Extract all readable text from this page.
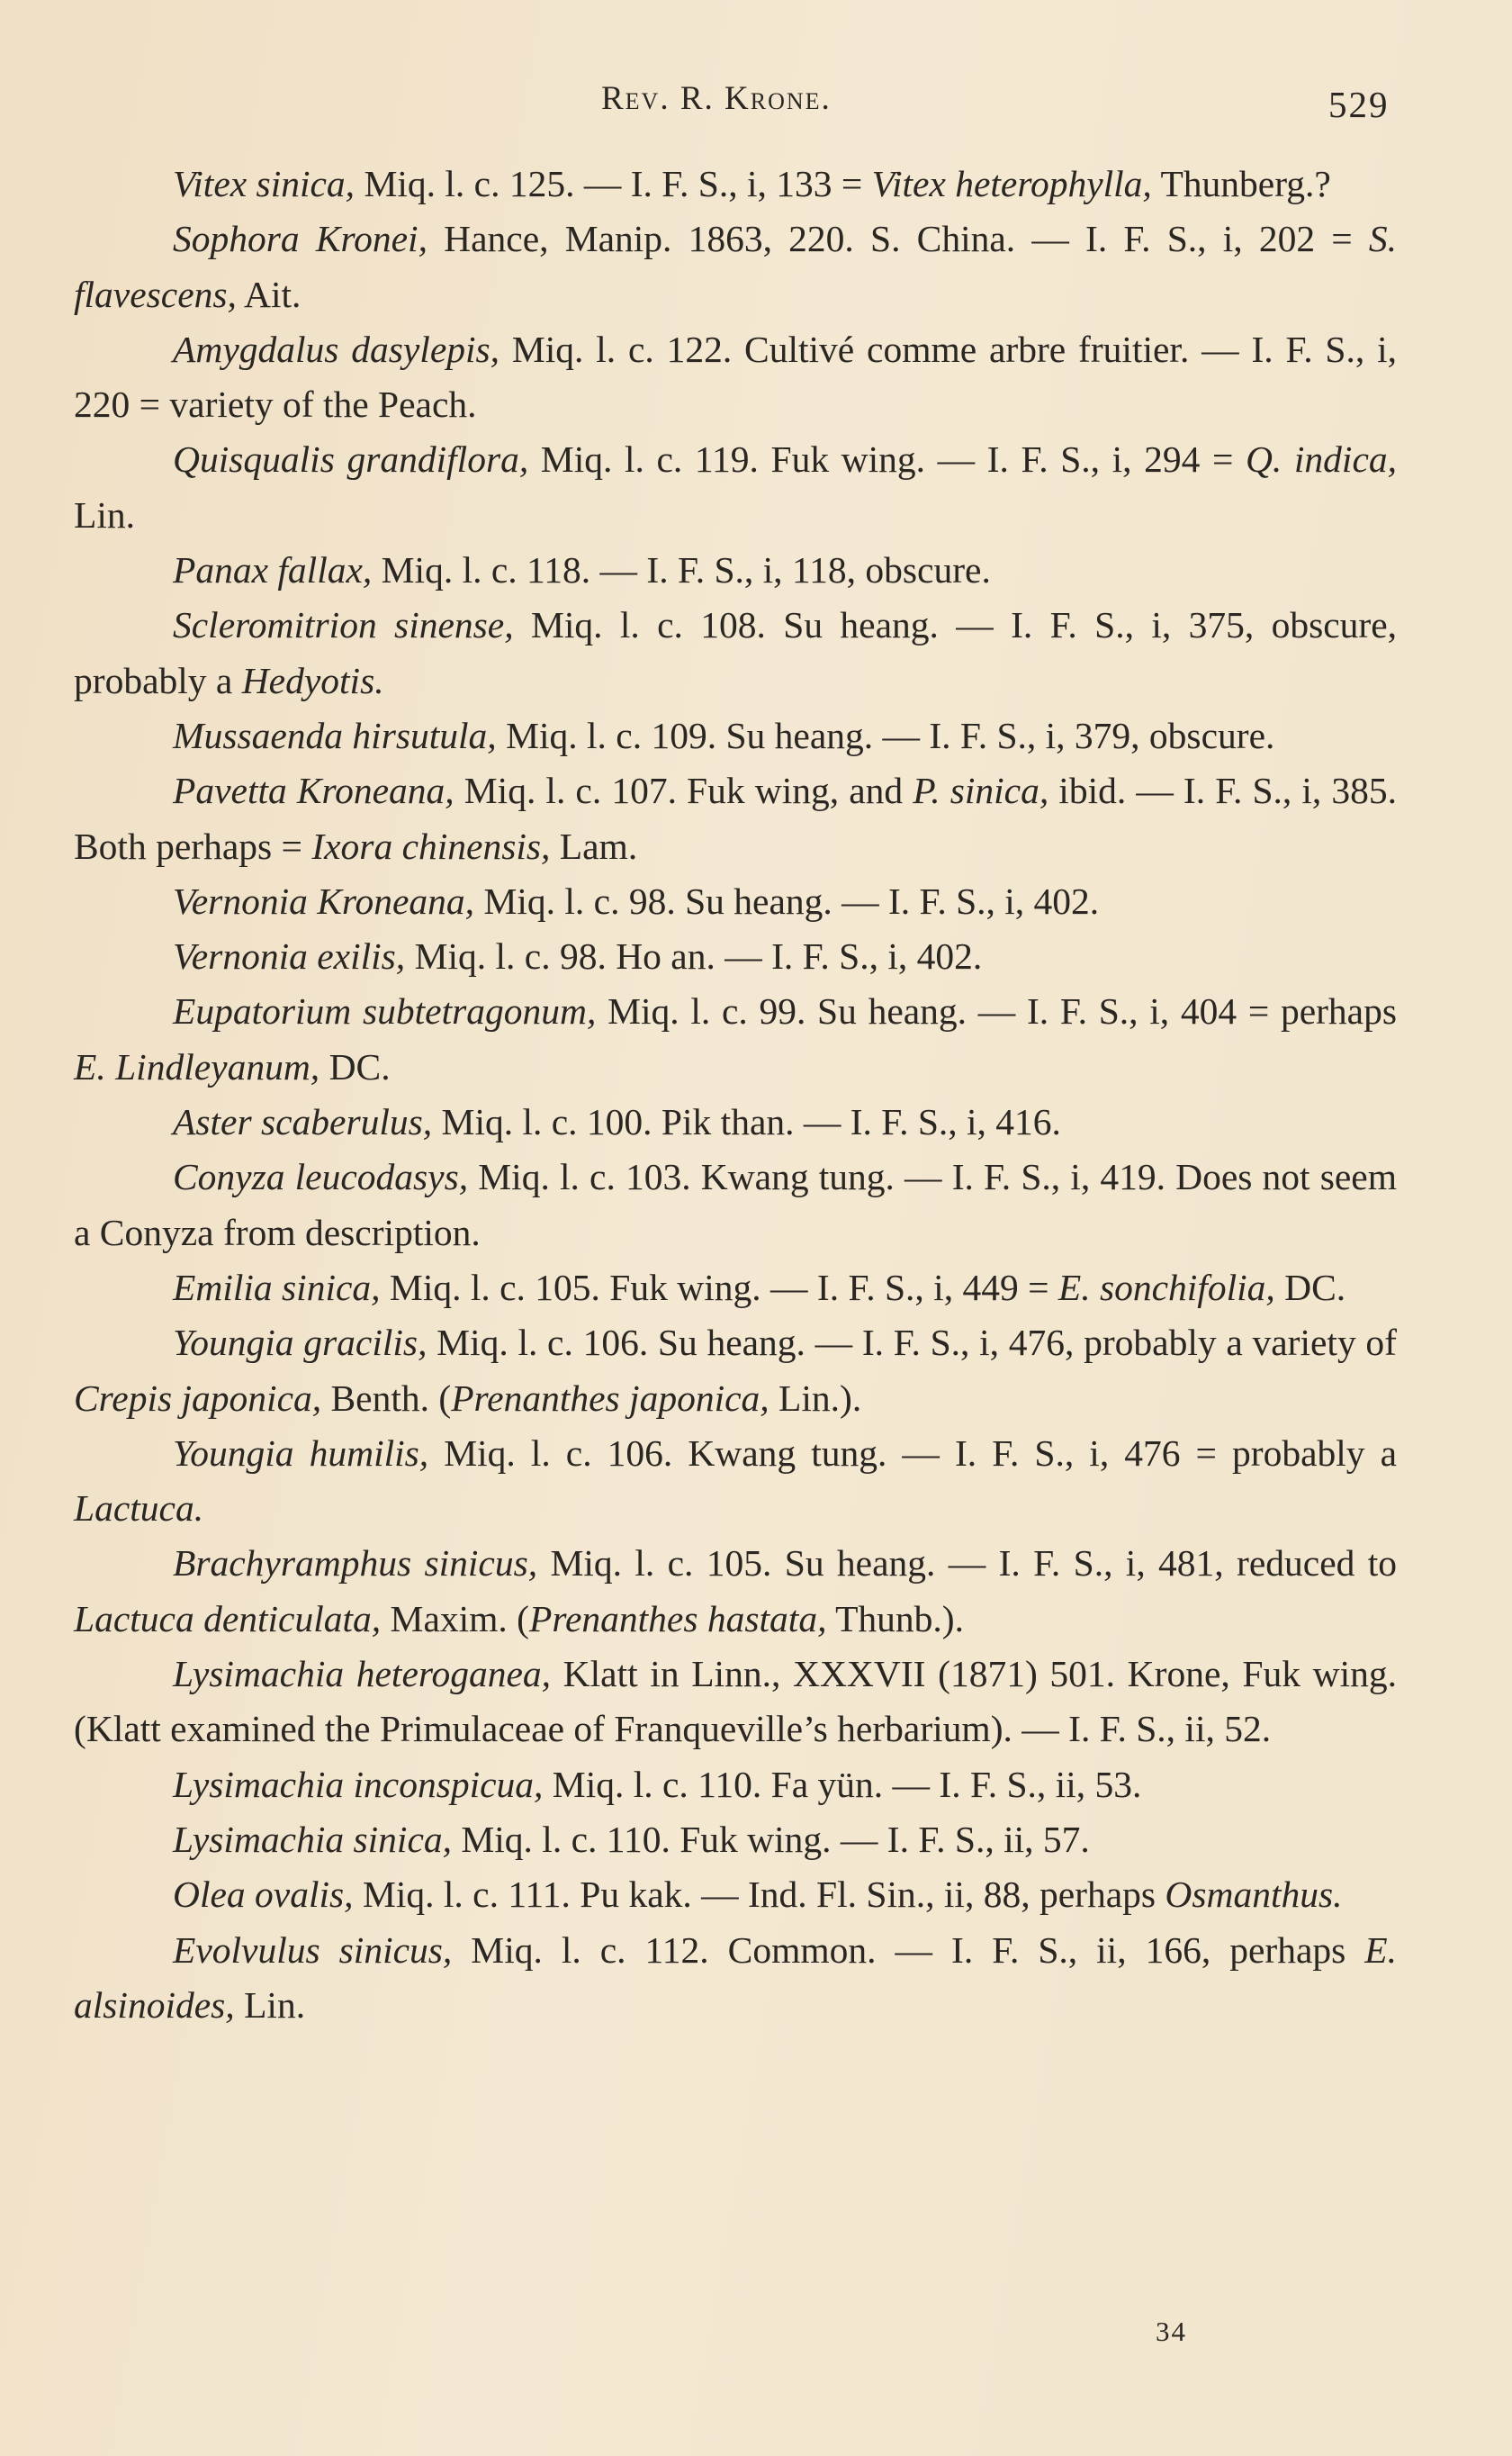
Rev. R. Krone.	529

Vitex sinica, Miq. l. c. 125. — I. F. S., i, 133 = Vitex heterophylla, Thunberg.?

Sophora Kronei, Hance, Manip. 1863, 220. S. China. — I. F. S., i, 202 = S. flavescens, Ait.

Amygdalus dasylepis, Miq. l. c. 122. Cultivé comme arbre fruitier. — I. F. S., i, 220 = variety of the Peach.

Quisqualis grandiflora, Miq. l. c. 119. Fuk wing. — I. F. S., i, 294 = Q. indica, Lin.

Panax fallax, Miq. l. c. 118. — I. F. S., i, 118, obscure.

Scleromitrion sinense, Miq. l. c. 108. Su heang. — I. F. S., i, 375, obscure, probably a Hedyotis.

Mussaenda hirsutula, Miq. l. c. 109. Su heang. — I. F. S., i, 379, obscure.

Pavetta Kroneana, Miq. l. c. 107. Fuk wing, and P. sinica, ibid. — I. F. S., i, 385. Both perhaps = Ixora chinensis, Lam.

Vernonia Kroneana, Miq. l. c. 98. Su heang. — I. F. S., i, 402.

Vernonia exilis, Miq. l. c. 98. Ho an. — I. F. S., i, 402.

Eupatorium subtetragonum, Miq. l. c. 99. Su heang. — I. F. S., i, 404 = perhaps E. Lindleyanum, DC.

Aster scaberulus, Miq. l. c. 100. Pik than. — I. F. S., i, 416.

Conyza leucodasys, Miq. l. c. 103. Kwang tung. — I. F. S., i, 419. Does not seem a Conyza from description.

Emilia sinica, Miq. l. c. 105. Fuk wing. — I. F. S., i, 449 = E. sonchifolia, DC.

Youngia gracilis, Miq. l. c. 106. Su heang. — I. F. S., i, 476, probably a variety of Crepis japonica, Benth. (Prenanthes japonica, Lin.).

Youngia humilis, Miq. l. c. 106. Kwang tung. — I. F. S., i, 476 = probably a Lactuca.

Brachyramphus sinicus, Miq. l. c. 105. Su heang. — I. F. S., i, 481, reduced to Lactuca denticulata, Maxim. (Prenanthes hastata, Thunb.).

Lysimachia heteroganea, Klatt in Linn., XXXVII (1871) 501. Krone, Fuk wing. (Klatt examined the Primulaceae of Franqueville’s herbarium). — I. F. S., ii, 52.

Lysimachia inconspicua, Miq. l. c. 110. Fa yün. — I. F. S., ii, 53.

Lysimachia sinica, Miq. l. c. 110. Fuk wing. — I. F. S., ii, 57.

Olea ovalis, Miq. l. c. 111. Pu kak. — Ind. Fl. Sin., ii, 88, perhaps Osmanthus.

Evolvulus sinicus, Miq. l. c. 112. Common. — I. F. S., ii, 166, perhaps E. alsinoides, Lin.

34
